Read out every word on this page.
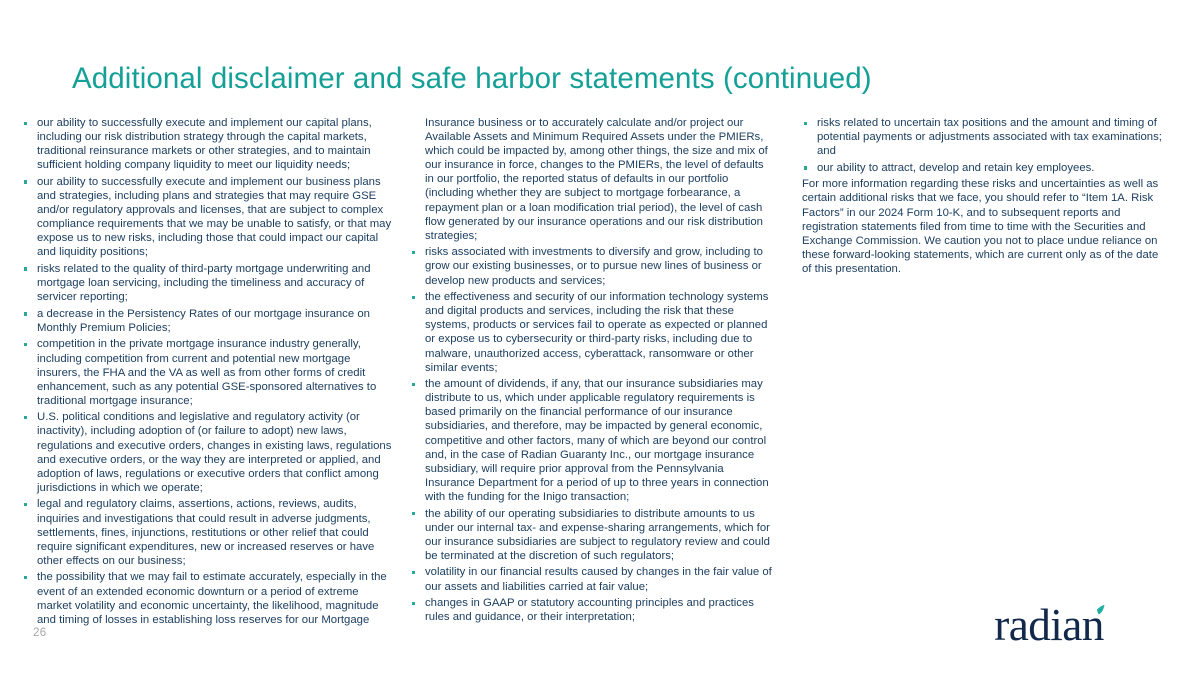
Additional disclaimer and safe harbor statements (continued)
our ability to successfully execute and implement our capital plans, including our risk distribution strategy through the capital markets, traditional reinsurance markets or other strategies, and to maintain sufficient holding company liquidity to meet our liquidity needs;
our ability to successfully execute and implement our business plans and strategies, including plans and strategies that may require GSE and/or regulatory approvals and licenses, that are subject to complex compliance requirements that we may be unable to satisfy, or that may expose us to new risks, including those that could impact our capital and liquidity positions;
risks related to the quality of third-party mortgage underwriting and mortgage loan servicing, including the timeliness and accuracy of servicer reporting;
a decrease in the Persistency Rates of our mortgage insurance on Monthly Premium Policies;
competition in the private mortgage insurance industry generally, including competition from current and potential new mortgage insurers, the FHA and the VA as well as from other forms of credit enhancement, such as any potential GSE-sponsored alternatives to traditional mortgage insurance;
U.S. political conditions and legislative and regulatory activity (or inactivity), including adoption of (or failure to adopt) new laws, regulations and executive orders, changes in existing laws, regulations and executive orders, or the way they are interpreted or applied, and adoption of laws, regulations or executive orders that conflict among jurisdictions in which we operate;
legal and regulatory claims, assertions, actions, reviews, audits, inquiries and investigations that could result in adverse judgments, settlements, fines, injunctions, restitutions or other relief that could require significant expenditures, new or increased reserves or have other effects on our business;
the possibility that we may fail to estimate accurately, especially in the event of an extended economic downturn or a period of extreme market volatility and economic uncertainty, the likelihood, magnitude and timing of losses in establishing loss reserves for our Mortgage
Insurance business or to accurately calculate and/or project our Available Assets and Minimum Required Assets under the PMIERs, which could be impacted by, among other things, the size and mix of our insurance in force, changes to the PMIERs, the level of defaults in our portfolio, the reported status of defaults in our portfolio (including whether they are subject to mortgage forbearance, a repayment plan or a loan modification trial period), the level of cash flow generated by our insurance operations and our risk distribution strategies;
risks associated with investments to diversify and grow, including to grow our existing businesses, or to pursue new lines of business or develop new products and services;
the effectiveness and security of our information technology systems and digital products and services, including the risk that these systems, products or services fail to operate as expected or planned or expose us to cybersecurity or third-party risks, including due to malware, unauthorized access, cyberattack, ransomware or other similar events;
the amount of dividends, if any, that our insurance subsidiaries may distribute to us, which under applicable regulatory requirements is based primarily on the financial performance of our insurance subsidiaries, and therefore, may be impacted by general economic, competitive and other factors, many of which are beyond our control and, in the case of Radian Guaranty Inc., our mortgage insurance subsidiary, will require prior approval from the Pennsylvania Insurance Department for a period of up to three years in connection with the funding for the Inigo transaction;
the ability of our operating subsidiaries to distribute amounts to us under our internal tax- and expense-sharing arrangements, which for our insurance subsidiaries are subject to regulatory review and could be terminated at the discretion of such regulators;
volatility in our financial results caused by changes in the fair value of our assets and liabilities carried at fair value;
changes in GAAP or statutory accounting principles and practices rules and guidance, or their interpretation;
risks related to uncertain tax positions and the amount and timing of potential payments or adjustments associated with tax examinations; and
our ability to attract, develop and retain key employees.
For more information regarding these risks and uncertainties as well as certain additional risks that we face, you should refer to “Item 1A. Risk Factors” in our 2024 Form 10-K, and to subsequent reports and registration statements filed from time to time with the Securities and Exchange Commission. We caution you not to place undue reliance on these forward-looking statements, which are current only as of the date of this presentation.
26	radian
